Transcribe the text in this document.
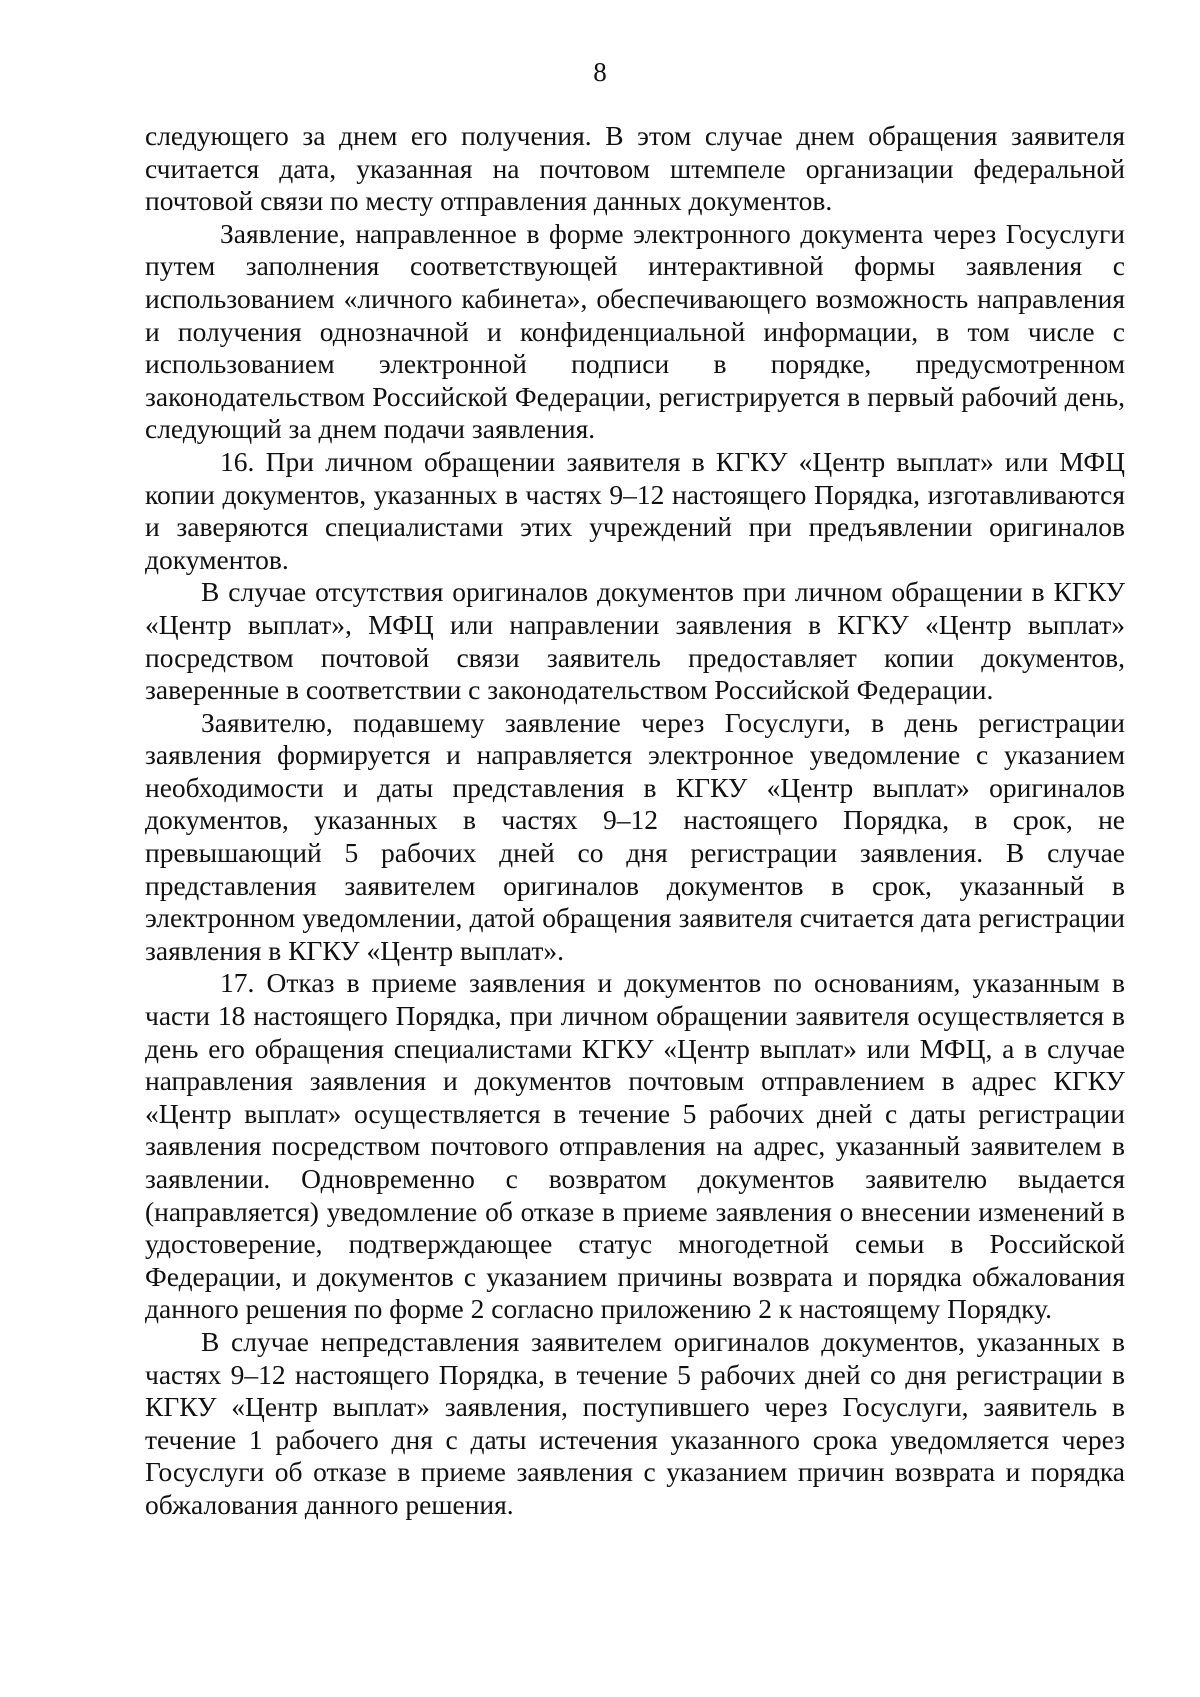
8

следующего за днем его получения. В этом случае днем обращения заявителя считается дата, указанная на почтовом штемпеле организации федеральной почтовой связи по месту отправления данных документов.

Заявление, направленное в форме электронного документа через Госуслуги путем заполнения соответствующей интерактивной формы заявления с использованием «личного кабинета», обеспечивающего возможность направления и получения однозначной и конфиденциальной информации, в том числе с использованием электронной подписи в порядке, предусмотренном законодательством Российской Федерации, регистрируется в первый рабочий день, следующий за днем подачи заявления.

16. При личном обращении заявителя в КГКУ «Центр выплат» или МФЦ копии документов, указанных в частях 9–12 настоящего Порядка, изготавливаются и заверяются специалистами этих учреждений при предъявлении оригиналов документов.

В случае отсутствия оригиналов документов при личном обращении в КГКУ «Центр выплат», МФЦ или направлении заявления в КГКУ «Центр выплат» посредством почтовой связи заявитель предоставляет копии документов, заверенные в соответствии с законодательством Российской Федерации.

Заявителю, подавшему заявление через Госуслуги, в день регистрации заявления формируется и направляется электронное уведомление с указанием необходимости и даты представления в КГКУ «Центр выплат» оригиналов документов, указанных в частях 9–12 настоящего Порядка, в срок, не превышающий 5 рабочих дней со дня регистрации заявления. В случае представления заявителем оригиналов документов в срок, указанный в электронном уведомлении, датой обращения заявителя считается дата регистрации заявления в КГКУ «Центр выплат».

17. Отказ в приеме заявления и документов по основаниям, указанным в части 18 настоящего Порядка, при личном обращении заявителя осуществляется в день его обращения специалистами КГКУ «Центр выплат» или МФЦ, а в случае направления заявления и документов почтовым отправлением в адрес КГКУ «Центр выплат» осуществляется в течение 5 рабочих дней с даты регистрации заявления посредством почтового отправления на адрес, указанный заявителем в заявлении. Одновременно с возвратом документов заявителю выдается (направляется) уведомление об отказе в приеме заявления о внесении изменений в удостоверение, подтверждающее статус многодетной семьи в Российской Федерации, и документов с указанием причины возврата и порядка обжалования данного решения по форме 2 согласно приложению 2 к настоящему Порядку.

В случае непредставления заявителем оригиналов документов, указанных в частях 9–12 настоящего Порядка, в течение 5 рабочих дней со дня регистрации в КГКУ «Центр выплат» заявления, поступившего через Госуслуги, заявитель в течение 1 рабочего дня с даты истечения указанного срока уведомляется через Госуслуги об отказе в приеме заявления с указанием причин возврата и порядка обжалования данного решения.
